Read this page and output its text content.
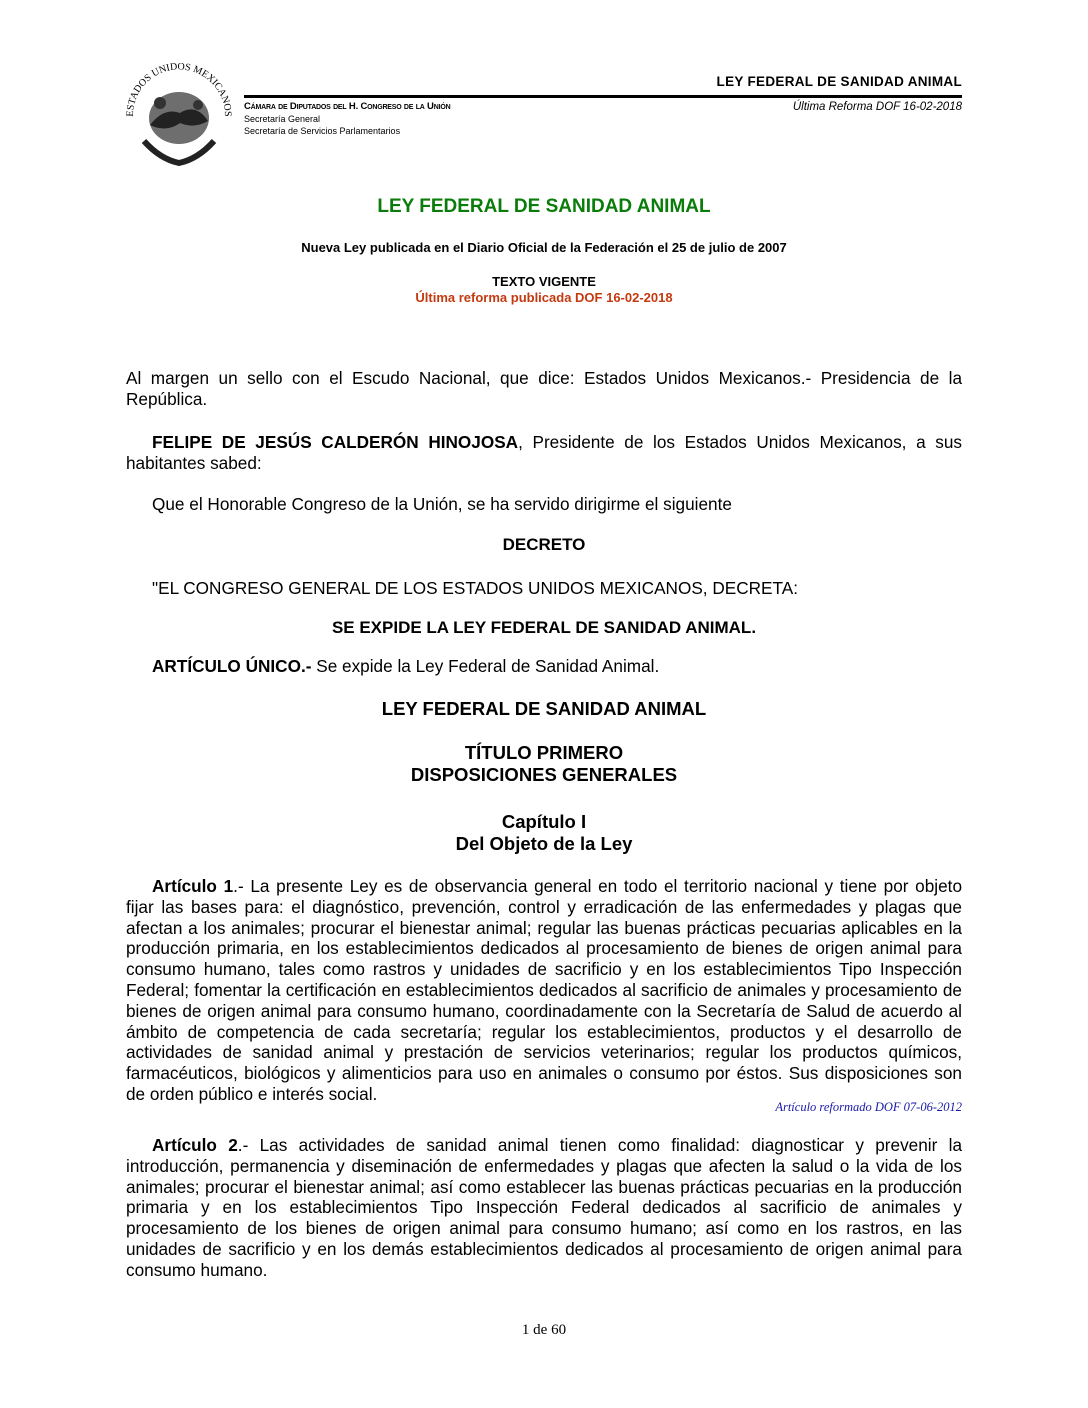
ESTADOS UNIDOS MEXICANOS
LEY FEDERAL DE SANIDAD ANIMAL
Última Reforma DOF 16-02-2018
Cámara de Diputados del H. Congreso de la Unión
Secretaría General
Secretaría de Servicios Parlamentarios
LEY FEDERAL DE SANIDAD ANIMAL
Nueva Ley publicada en el Diario Oficial de la Federación el 25 de julio de 2007
TEXTO VIGENTE
Última reforma publicada DOF 16-02-2018
Al margen un sello con el Escudo Nacional, que dice: Estados Unidos Mexicanos.- Presidencia de la República.
FELIPE DE JESÚS CALDERÓN HINOJOSA, Presidente de los Estados Unidos Mexicanos, a sus habitantes sabed:
Que el Honorable Congreso de la Unión, se ha servido dirigirme el siguiente
DECRETO
"EL CONGRESO GENERAL DE LOS ESTADOS UNIDOS MEXICANOS, DECRETA:
SE EXPIDE LA LEY FEDERAL DE SANIDAD ANIMAL.
ARTÍCULO ÚNICO.- Se expide la Ley Federal de Sanidad Animal.
LEY FEDERAL DE SANIDAD ANIMAL
TÍTULO PRIMERO
DISPOSICIONES GENERALES
Capítulo I
Del Objeto de la Ley
Artículo 1.- La presente Ley es de observancia general en todo el territorio nacional y tiene por objeto fijar las bases para: el diagnóstico, prevención, control y erradicación de las enfermedades y plagas que afectan a los animales; procurar el bienestar animal; regular las buenas prácticas pecuarias aplicables en la producción primaria, en los establecimientos dedicados al procesamiento de bienes de origen animal para consumo humano, tales como rastros y unidades de sacrificio y en los establecimientos Tipo Inspección Federal; fomentar la certificación en establecimientos dedicados al sacrificio de animales y procesamiento de bienes de origen animal para consumo humano, coordinadamente con la Secretaría de Salud de acuerdo al ámbito de competencia de cada secretaría; regular los establecimientos, productos y el desarrollo de actividades de sanidad animal y prestación de servicios veterinarios; regular los productos químicos, farmacéuticos, biológicos y alimenticios para uso en animales o consumo por éstos. Sus disposiciones son de orden público e interés social.
Artículo reformado DOF 07-06-2012
Artículo 2.- Las actividades de sanidad animal tienen como finalidad: diagnosticar y prevenir la introducción, permanencia y diseminación de enfermedades y plagas que afecten la salud o la vida de los animales; procurar el bienestar animal; así como establecer las buenas prácticas pecuarias en la producción primaria y en los establecimientos Tipo Inspección Federal dedicados al sacrificio de animales y procesamiento de los bienes de origen animal para consumo humano; así como en los rastros, en las unidades de sacrificio y en los demás establecimientos dedicados al procesamiento de origen animal para consumo humano.
1 de 60
